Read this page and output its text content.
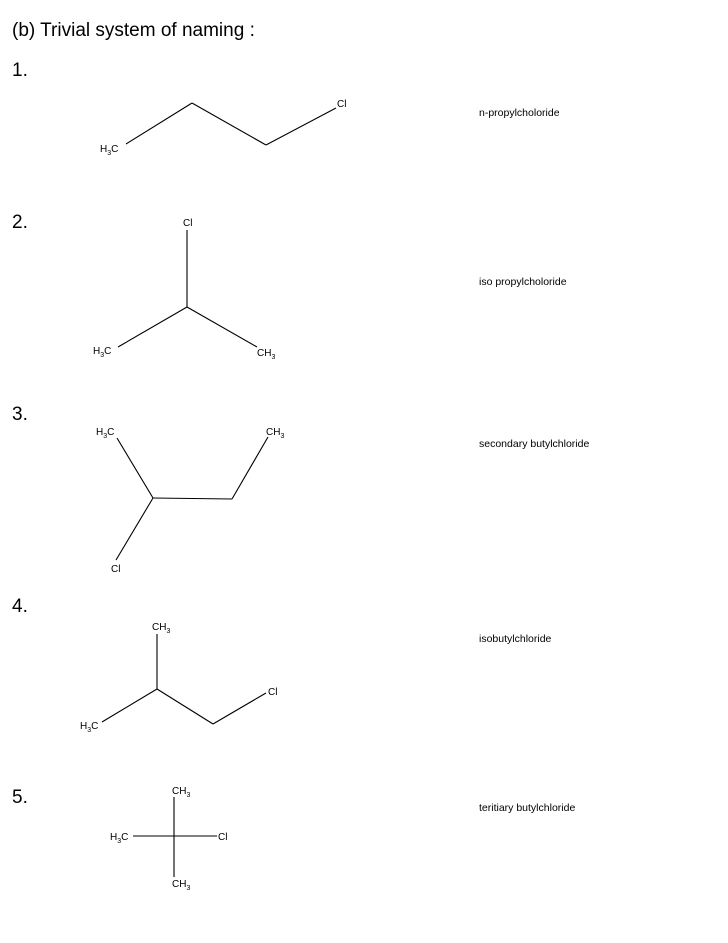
(b) Trivial system of naming :
1.
2.
3.
4.
5.
n-propylcholoride
iso propylcholoride
secondary butylchloride
isobutylchloride
teritiary butylchloride
$H_3C$
Cl
Cl
$H_3C$	$CH_3$
$H_3C$	$CH_3$
Cl
$CH_3$
$H_3C$
Cl
$CH_3$
$H_3C$	Cl
$CH_3$
